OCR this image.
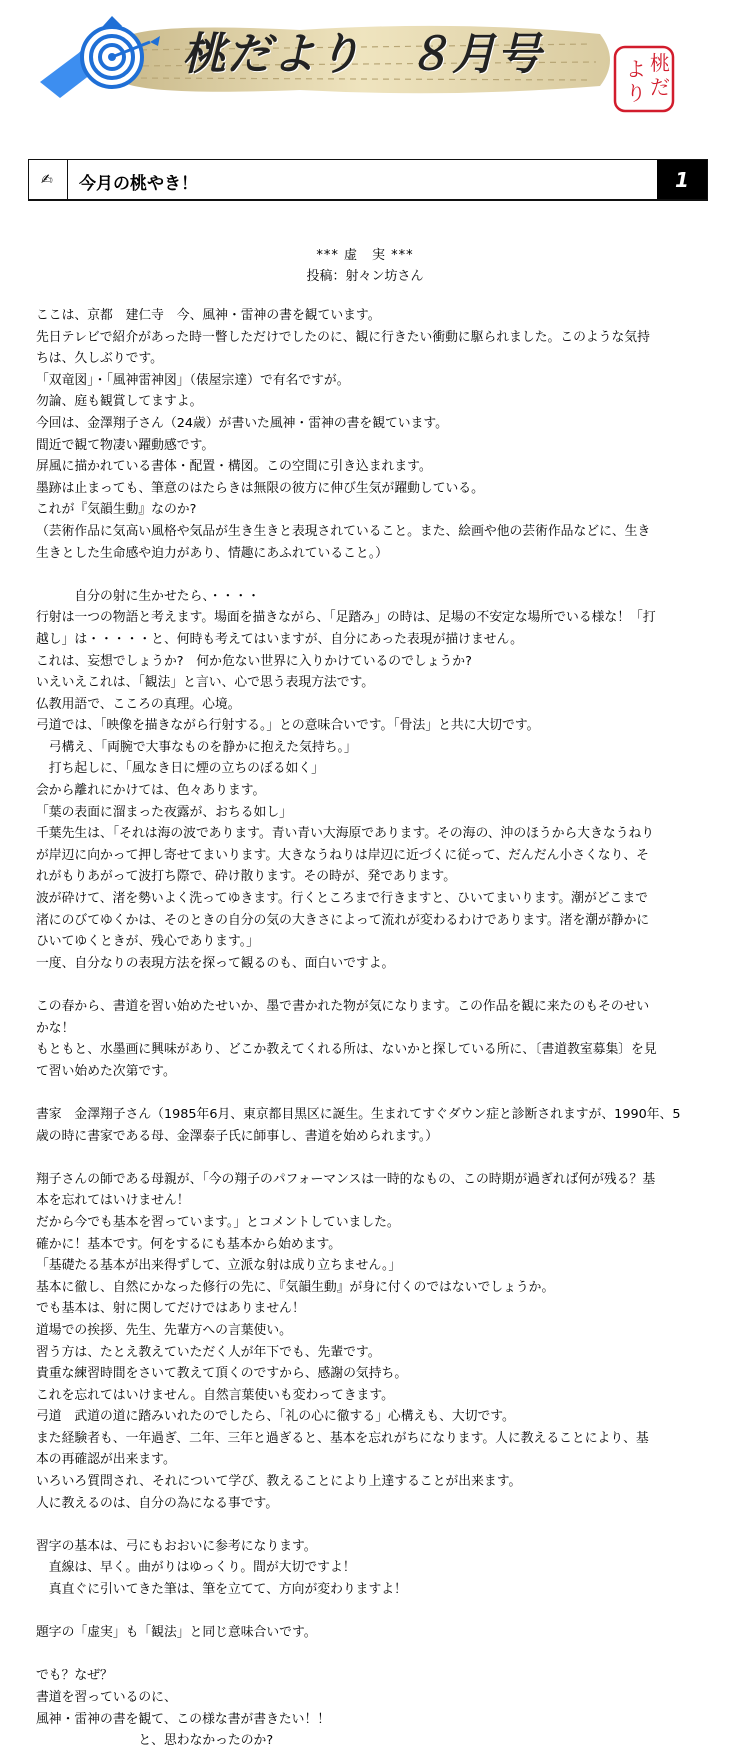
桃だより　８月号	桃
だ
よ
り
✍ 今月の桃やき！	1
*** 虚　実 ***
投稿：射々ン坊さん
ここは、京都　建仁寺　今、風神・雷神の書を観ています。
先日テレビで紹介があった時一瞥しただけでしたのに、観に行きたい衝動に駆られました。このような気持
ちは、久しぶりです。
「双竜図」・「風神雷神図」（俵屋宗達）で有名ですが。
勿論、庭も観賞してますよ。
今回は、金澤翔子さん（24歳）が書いた風神・雷神の書を観ています。
間近で観て物凄い躍動感です。
屏風に描かれている書体・配置・構図。この空間に引き込まれます。
墨跡は止まっても、筆意のはたらきは無限の彼方に伸び生気が躍動している。
これが『気韻生動』なのか?
（芸術作品に気高い風格や気品が生き生きと表現されていること。また、絵画や他の芸術作品などに、生き
生きとした生命感や迫力があり、情趣にあふれていること。）
　　　自分の射に生かせたら、・・・・
行射は一つの物語と考えます。場面を描きながら、「足踏み」の時は、足場の不安定な場所でいる様な！「打
越し」は・・・・・と、何時も考えてはいますが、自分にあった表現が描けません。
これは、妄想でしょうか?　何か危ない世界に入りかけているのでしょうか?
いえいえこれは、「観法」と言い、心で思う表現方法です。
仏教用語で、こころの真理。心境。
弓道では、「映像を描きながら行射する。」との意味合いです。「骨法」と共に大切です。
　弓構え、「両腕で大事なものを静かに抱えた気持ち。」
　打ち起しに、「風なき日に煙の立ちのぼる如く」
会から離れにかけては、色々あります。
「葉の表面に溜まった夜露が、おちる如し」
千葉先生は、「それは海の波であります。青い青い大海原であります。その海の、沖のほうから大きなうねり
が岸辺に向かって押し寄せてまいります。大きなうねりは岸辺に近づくに従って、だんだん小さくなり、そ
れがもりあがって波打ち際で、砕け散ります。その時が、発であります。
波が砕けて、渚を勢いよく洗ってゆきます。行くところまで行きますと、ひいてまいります。潮がどこまで
渚にのびてゆくかは、そのときの自分の気の大きさによって流れが変わるわけであります。渚を潮が静かに
ひいてゆくときが、残心であります。」
一度、自分なりの表現方法を探って観るのも、面白いですよ。
この春から、書道を習い始めたせいか、墨で書かれた物が気になります。この作品を観に来たのもそのせい
かな！
もともと、水墨画に興味があり、どこか教えてくれる所は、ないかと探している所に、〔書道教室募集〕を見
て習い始めた次第です。
書家　金澤翔子さん（1985年6月、東京都目黒区に誕生。生まれてすぐダウン症と診断されますが、1990年、5
歳の時に書家である母、金澤泰子氏に師事し、書道を始められます。）
翔子さんの師である母親が、「今の翔子のパフォーマンスは一時的なもの、この時期が過ぎれば何が残る？基
本を忘れてはいけません！
だから今でも基本を習っています。」とコメントしていました。
確かに！基本です。何をするにも基本から始めます。
「基礎たる基本が出来得ずして、立派な射は成り立ちません。」
基本に徹し、自然にかなった修行の先に、『気韻生動』が身に付くのではないでしょうか。
でも基本は、射に関してだけではありません！
道場での挨拶、先生、先輩方への言葉使い。
習う方は、たとえ教えていただく人が年下でも、先輩です。
貴重な練習時間をさいて教えて頂くのですから、感謝の気持ち。
これを忘れてはいけません。自然言葉使いも変わってきます。
弓道　武道の道に踏みいれたのでしたら、「礼の心に徹する」心構えも、大切です。
また経験者も、一年過ぎ、二年、三年と過ぎると、基本を忘れがちになります。人に教えることにより、基
本の再確認が出来ます。
いろいろ質問され、それについて学び、教えることにより上達することが出来ます。
人に教えるのは、自分の為になる事です。
習字の基本は、弓にもおおいに参考になります。
　直線は、早く。曲がりはゆっくり。間が大切ですよ！
　真直ぐに引いてきた筆は、筆を立てて、方向が変わりますよ！
題字の「虚実」も「観法」と同じ意味合いです。
でも？なぜ？
書道を習っているのに、
風神・雷神の書を観て、この様な書が書きたい！！
　　　　　　　　と、思わなかったのか?
